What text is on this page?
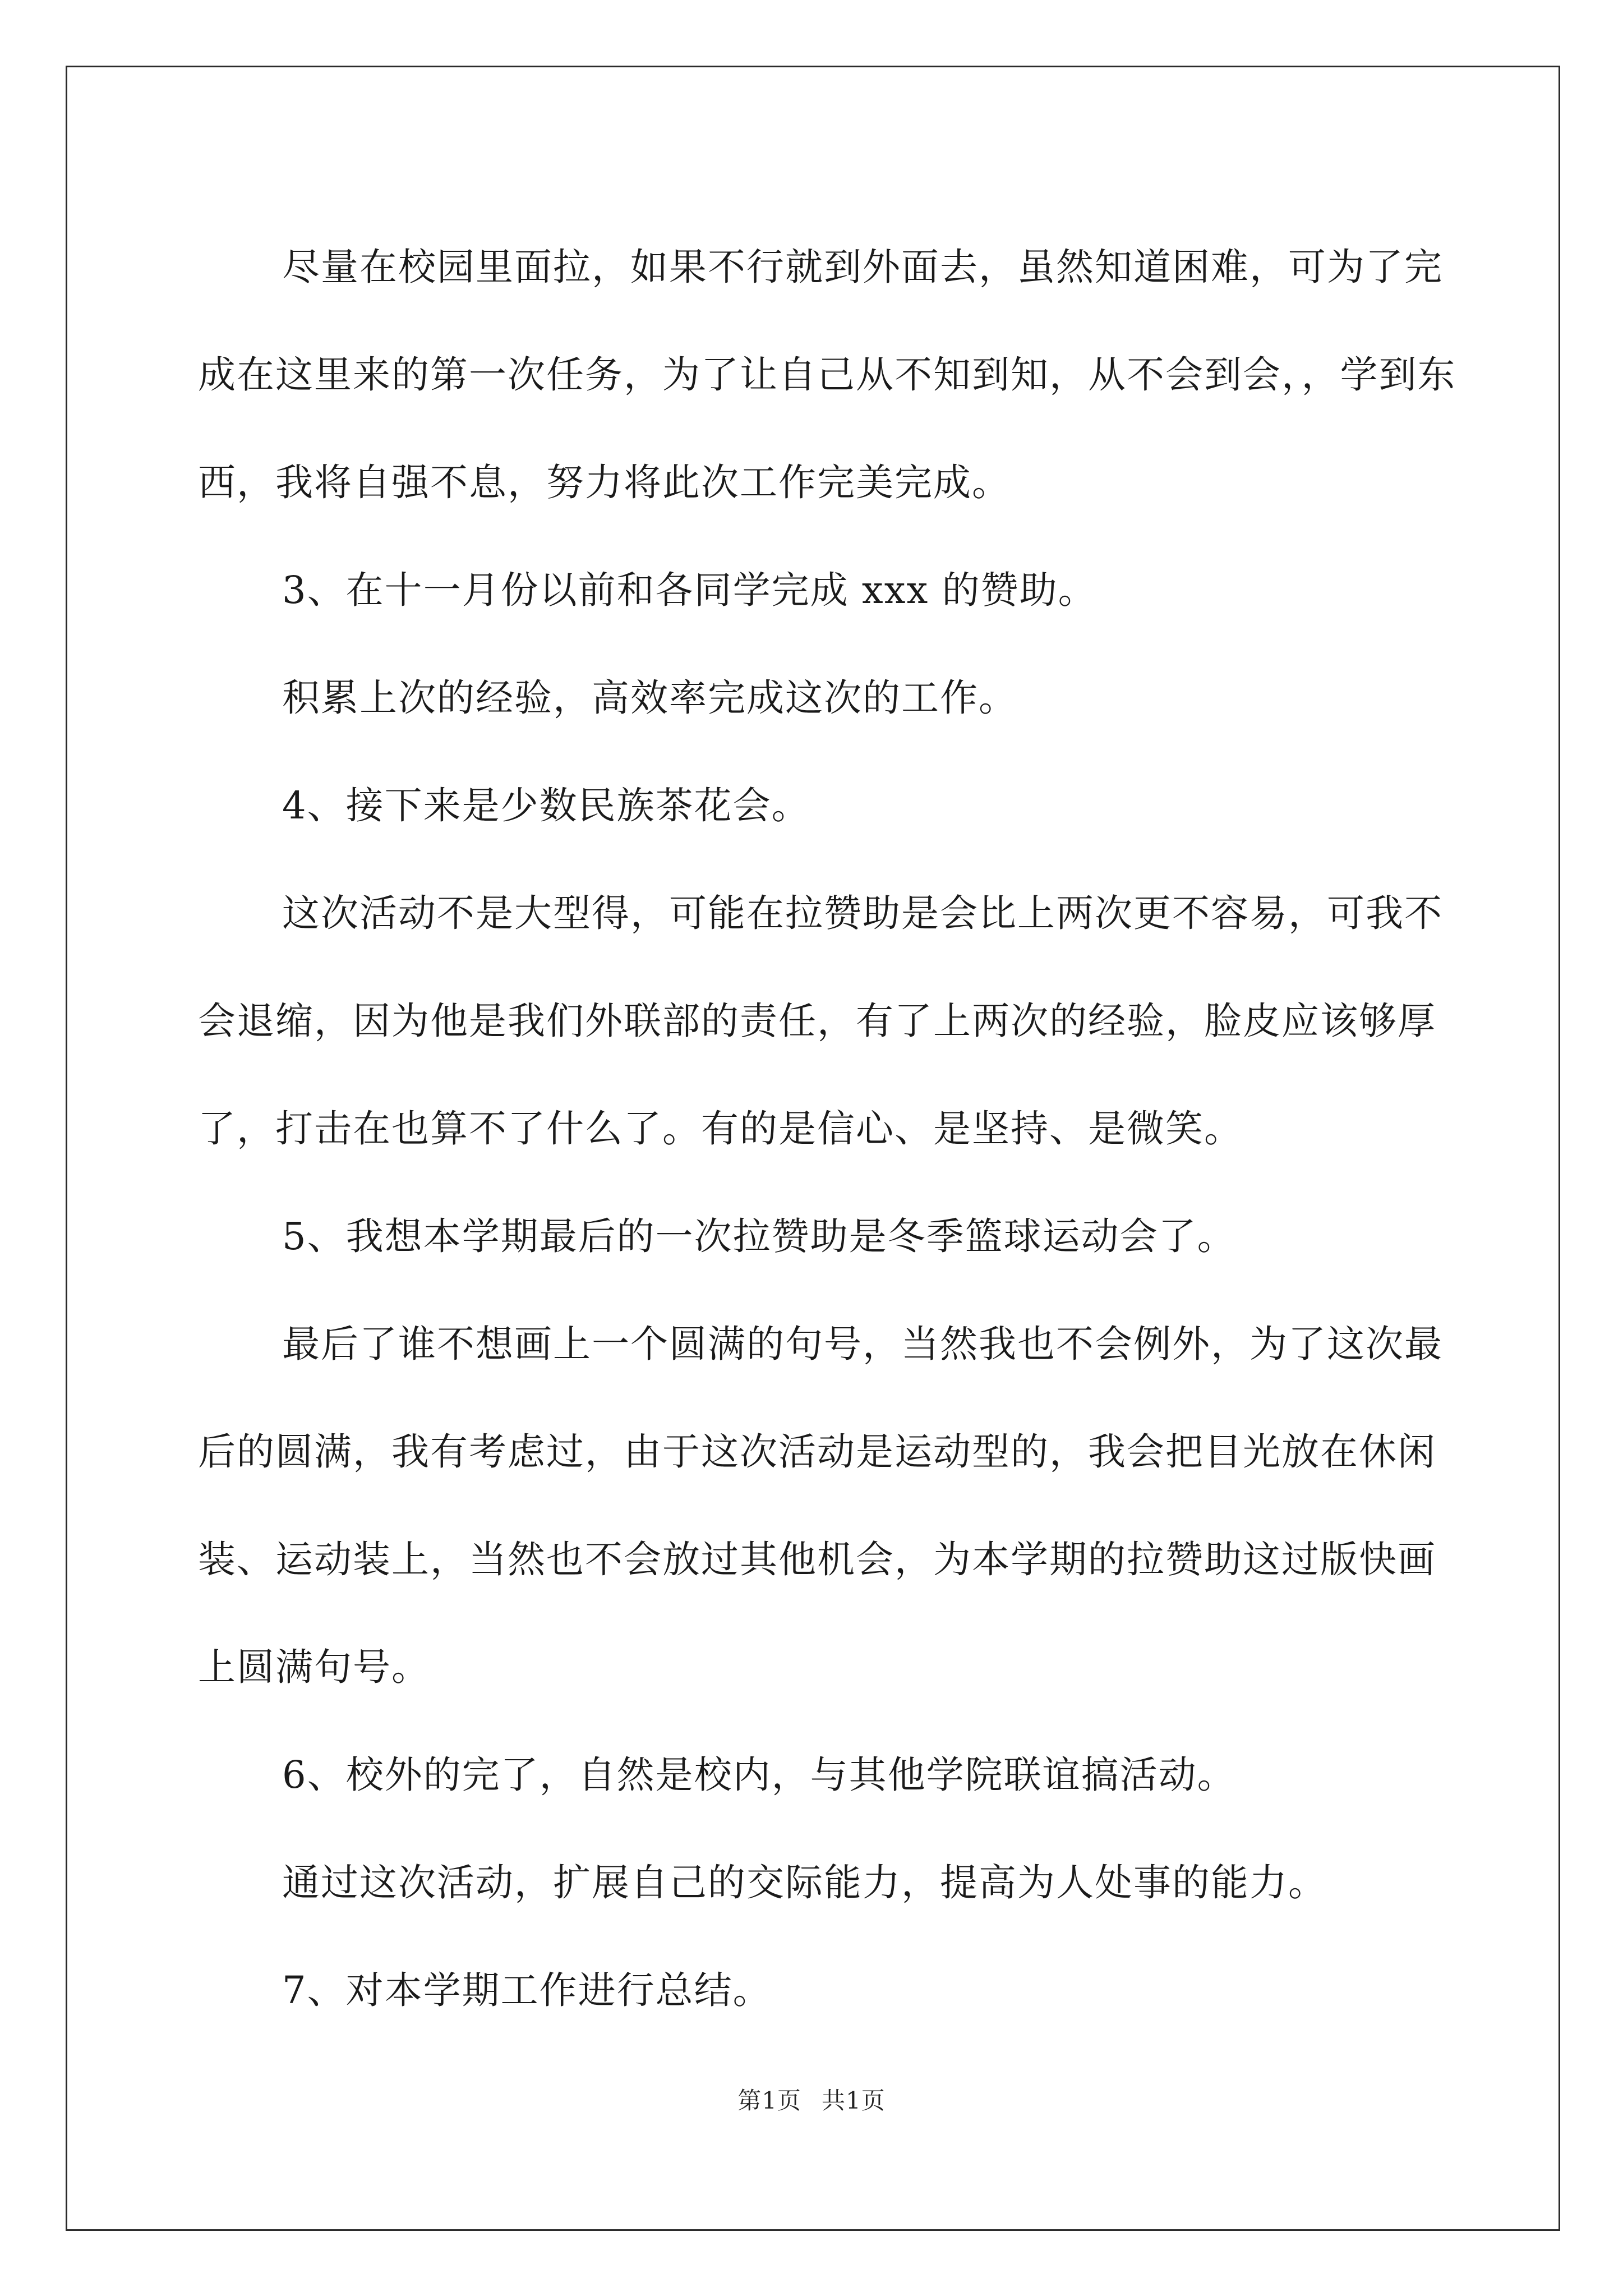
尽量在校园里面拉，如果不行就到外面去，虽然知道困难，可为了完成在这里来的第一次任务，为了让自己从不知到知，从不会到会，，学到东西，我将自强不息，努力将此次工作完美完成。

3、在十一月份以前和各同学完成 xxx 的赞助。

积累上次的经验，高效率完成这次的工作。

4、接下来是少数民族茶花会。

这次活动不是大型得，可能在拉赞助是会比上两次更不容易，可我不会退缩，因为他是我们外联部的责任，有了上两次的经验，脸皮应该够厚了，打击在也算不了什么了。有的是信心、是坚持、是微笑。

5、我想本学期最后的一次拉赞助是冬季篮球运动会了。

最后了谁不想画上一个圆满的句号，当然我也不会例外，为了这次最后的圆满，我有考虑过，由于这次活动是运动型的，我会把目光放在休闲装、运动装上，当然也不会放过其他机会，为本学期的拉赞助这过版快画上圆满句号。

6、校外的完了，自然是校内，与其他学院联谊搞活动。

通过这次活动，扩展自己的交际能力，提高为人处事的能力。

7、对本学期工作进行总结。

第1页 共1页
